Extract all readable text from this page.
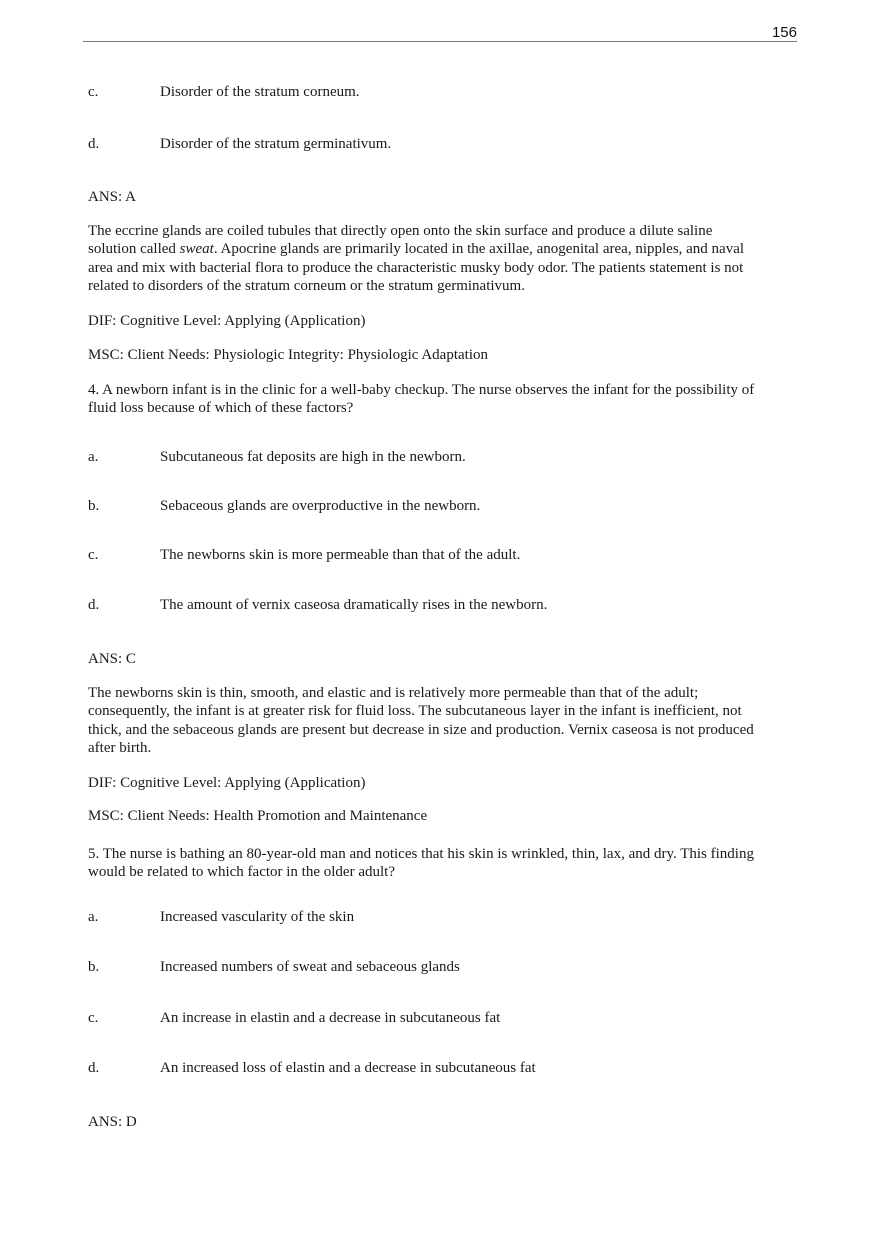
156
c.	Disorder of the stratum corneum.
d.	Disorder of the stratum germinativum.
ANS: A
The eccrine glands are coiled tubules that directly open onto the skin surface and produce a dilute saline
solution called sweat. Apocrine glands are primarily located in the axillae, anogenital area, nipples, and naval
area and mix with bacterial flora to produce the characteristic musky body odor. The patients statement is not
related to disorders of the stratum corneum or the stratum germinativum.
DIF: Cognitive Level: Applying (Application)
MSC: Client Needs: Physiologic Integrity: Physiologic Adaptation
4. A newborn infant is in the clinic for a well-baby checkup. The nurse observes the infant for the possibility of
fluid loss because of which of these factors?
a.	Subcutaneous fat deposits are high in the newborn.
b.	Sebaceous glands are overproductive in the newborn.
c.	The newborns skin is more permeable than that of the adult.
d.	The amount of vernix caseosa dramatically rises in the newborn.
ANS: C
The newborns skin is thin, smooth, and elastic and is relatively more permeable than that of the adult;
consequently, the infant is at greater risk for fluid loss. The subcutaneous layer in the infant is inefficient, not
thick, and the sebaceous glands are present but decrease in size and production. Vernix caseosa is not produced
after birth.
DIF: Cognitive Level: Applying (Application)
MSC: Client Needs: Health Promotion and Maintenance
5. The nurse is bathing an 80-year-old man and notices that his skin is wrinkled, thin, lax, and dry. This finding
would be related to which factor in the older adult?
a.	Increased vascularity of the skin
b.	Increased numbers of sweat and sebaceous glands
c.	An increase in elastin and a decrease in subcutaneous fat
d.	An increased loss of elastin and a decrease in subcutaneous fat
ANS: D
